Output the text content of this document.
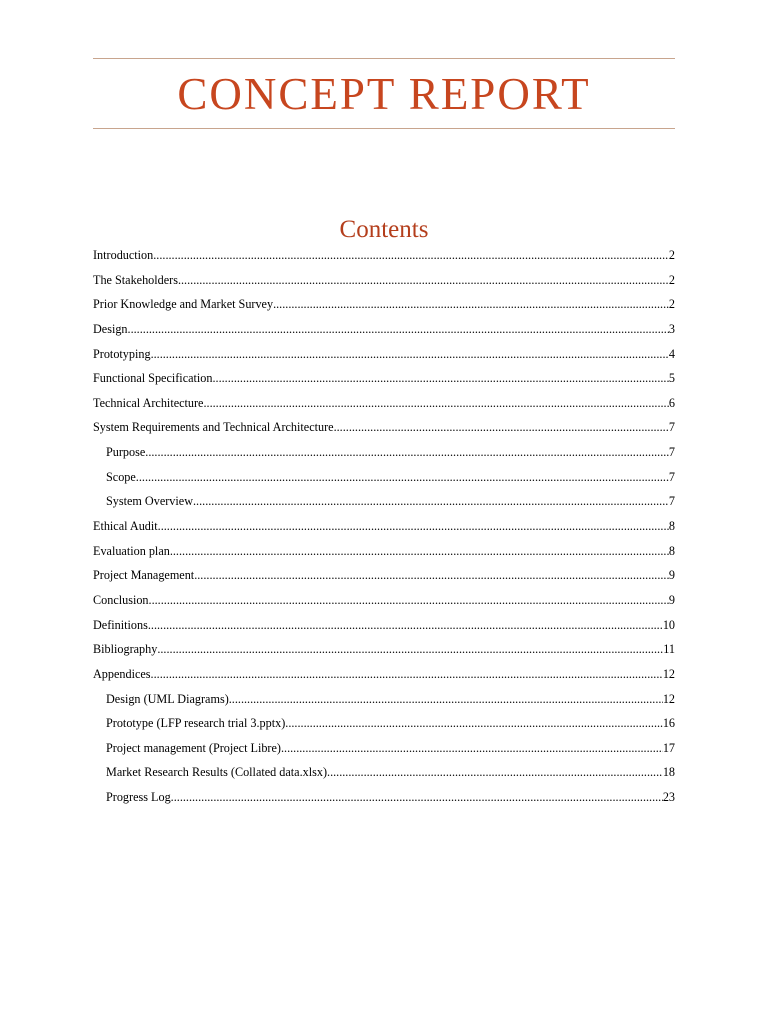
CONCEPT REPORT
Contents
Introduction .....	2
The Stakeholders .....	2
Prior Knowledge and Market Survey .....	2
Design .....	3
Prototyping .....	4
Functional Specification .....	5
Technical Architecture .....	6
System Requirements and Technical Architecture .....	7
Purpose .....	7
Scope .....	7
System Overview .....	7
Ethical Audit .....	8
Evaluation plan .....	8
Project Management .....	9
Conclusion .....	9
Definitions .....	10
Bibliography .....	11
Appendices .....	12
Design (UML Diagrams) .....	12
Prototype (LFP research trial 3.pptx) .....	16
Project management (Project Libre) .....	17
Market Research Results (Collated data.xlsx) .....	18
Progress Log .....	23
